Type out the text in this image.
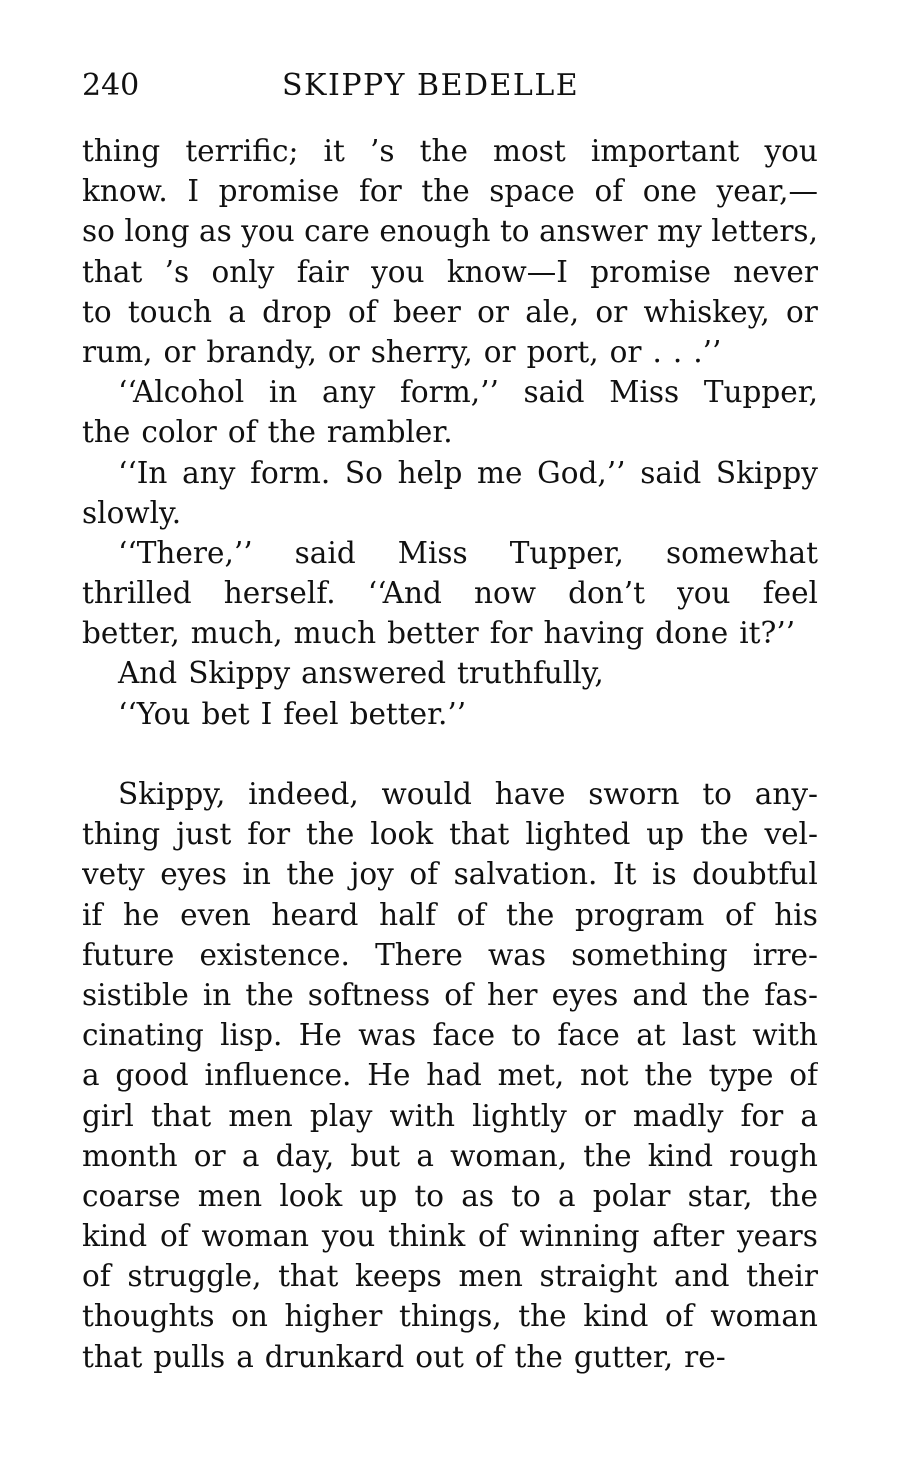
240	SKIPPY BEDELLE
thing terrific; it ’s the most important you
know. I promise for the space of one year,—
so long as you care enough to answer my letters,
that ’s only fair you know—I promise never
to touch a drop of beer or ale, or whiskey, or
rum, or brandy, or sherry, or port, or . . .’’
‘‘Alcohol in any form,’’ said Miss Tupper,
the color of the rambler.
‘‘In any form. So help me God,’’ said Skippy
slowly.
‘‘There,’’ said Miss Tupper, somewhat
thrilled herself. ‘‘And now don’t you feel
better, much, much better for having done it?’’
And Skippy answered truthfully,
‘‘You bet I feel better.’’
Skippy, indeed, would have sworn to any-
thing just for the look that lighted up the vel-
vety eyes in the joy of salvation. It is doubtful
if he even heard half of the program of his
future existence. There was something irre-
sistible in the softness of her eyes and the fas-
cinating lisp. He was face to face at last with
a good influence. He had met, not the type of
girl that men play with lightly or madly for a
month or a day, but a woman, the kind rough
coarse men look up to as to a polar star, the
kind of woman you think of winning after years
of struggle, that keeps men straight and their
thoughts on higher things, the kind of woman
that pulls a drunkard out of the gutter, re-
